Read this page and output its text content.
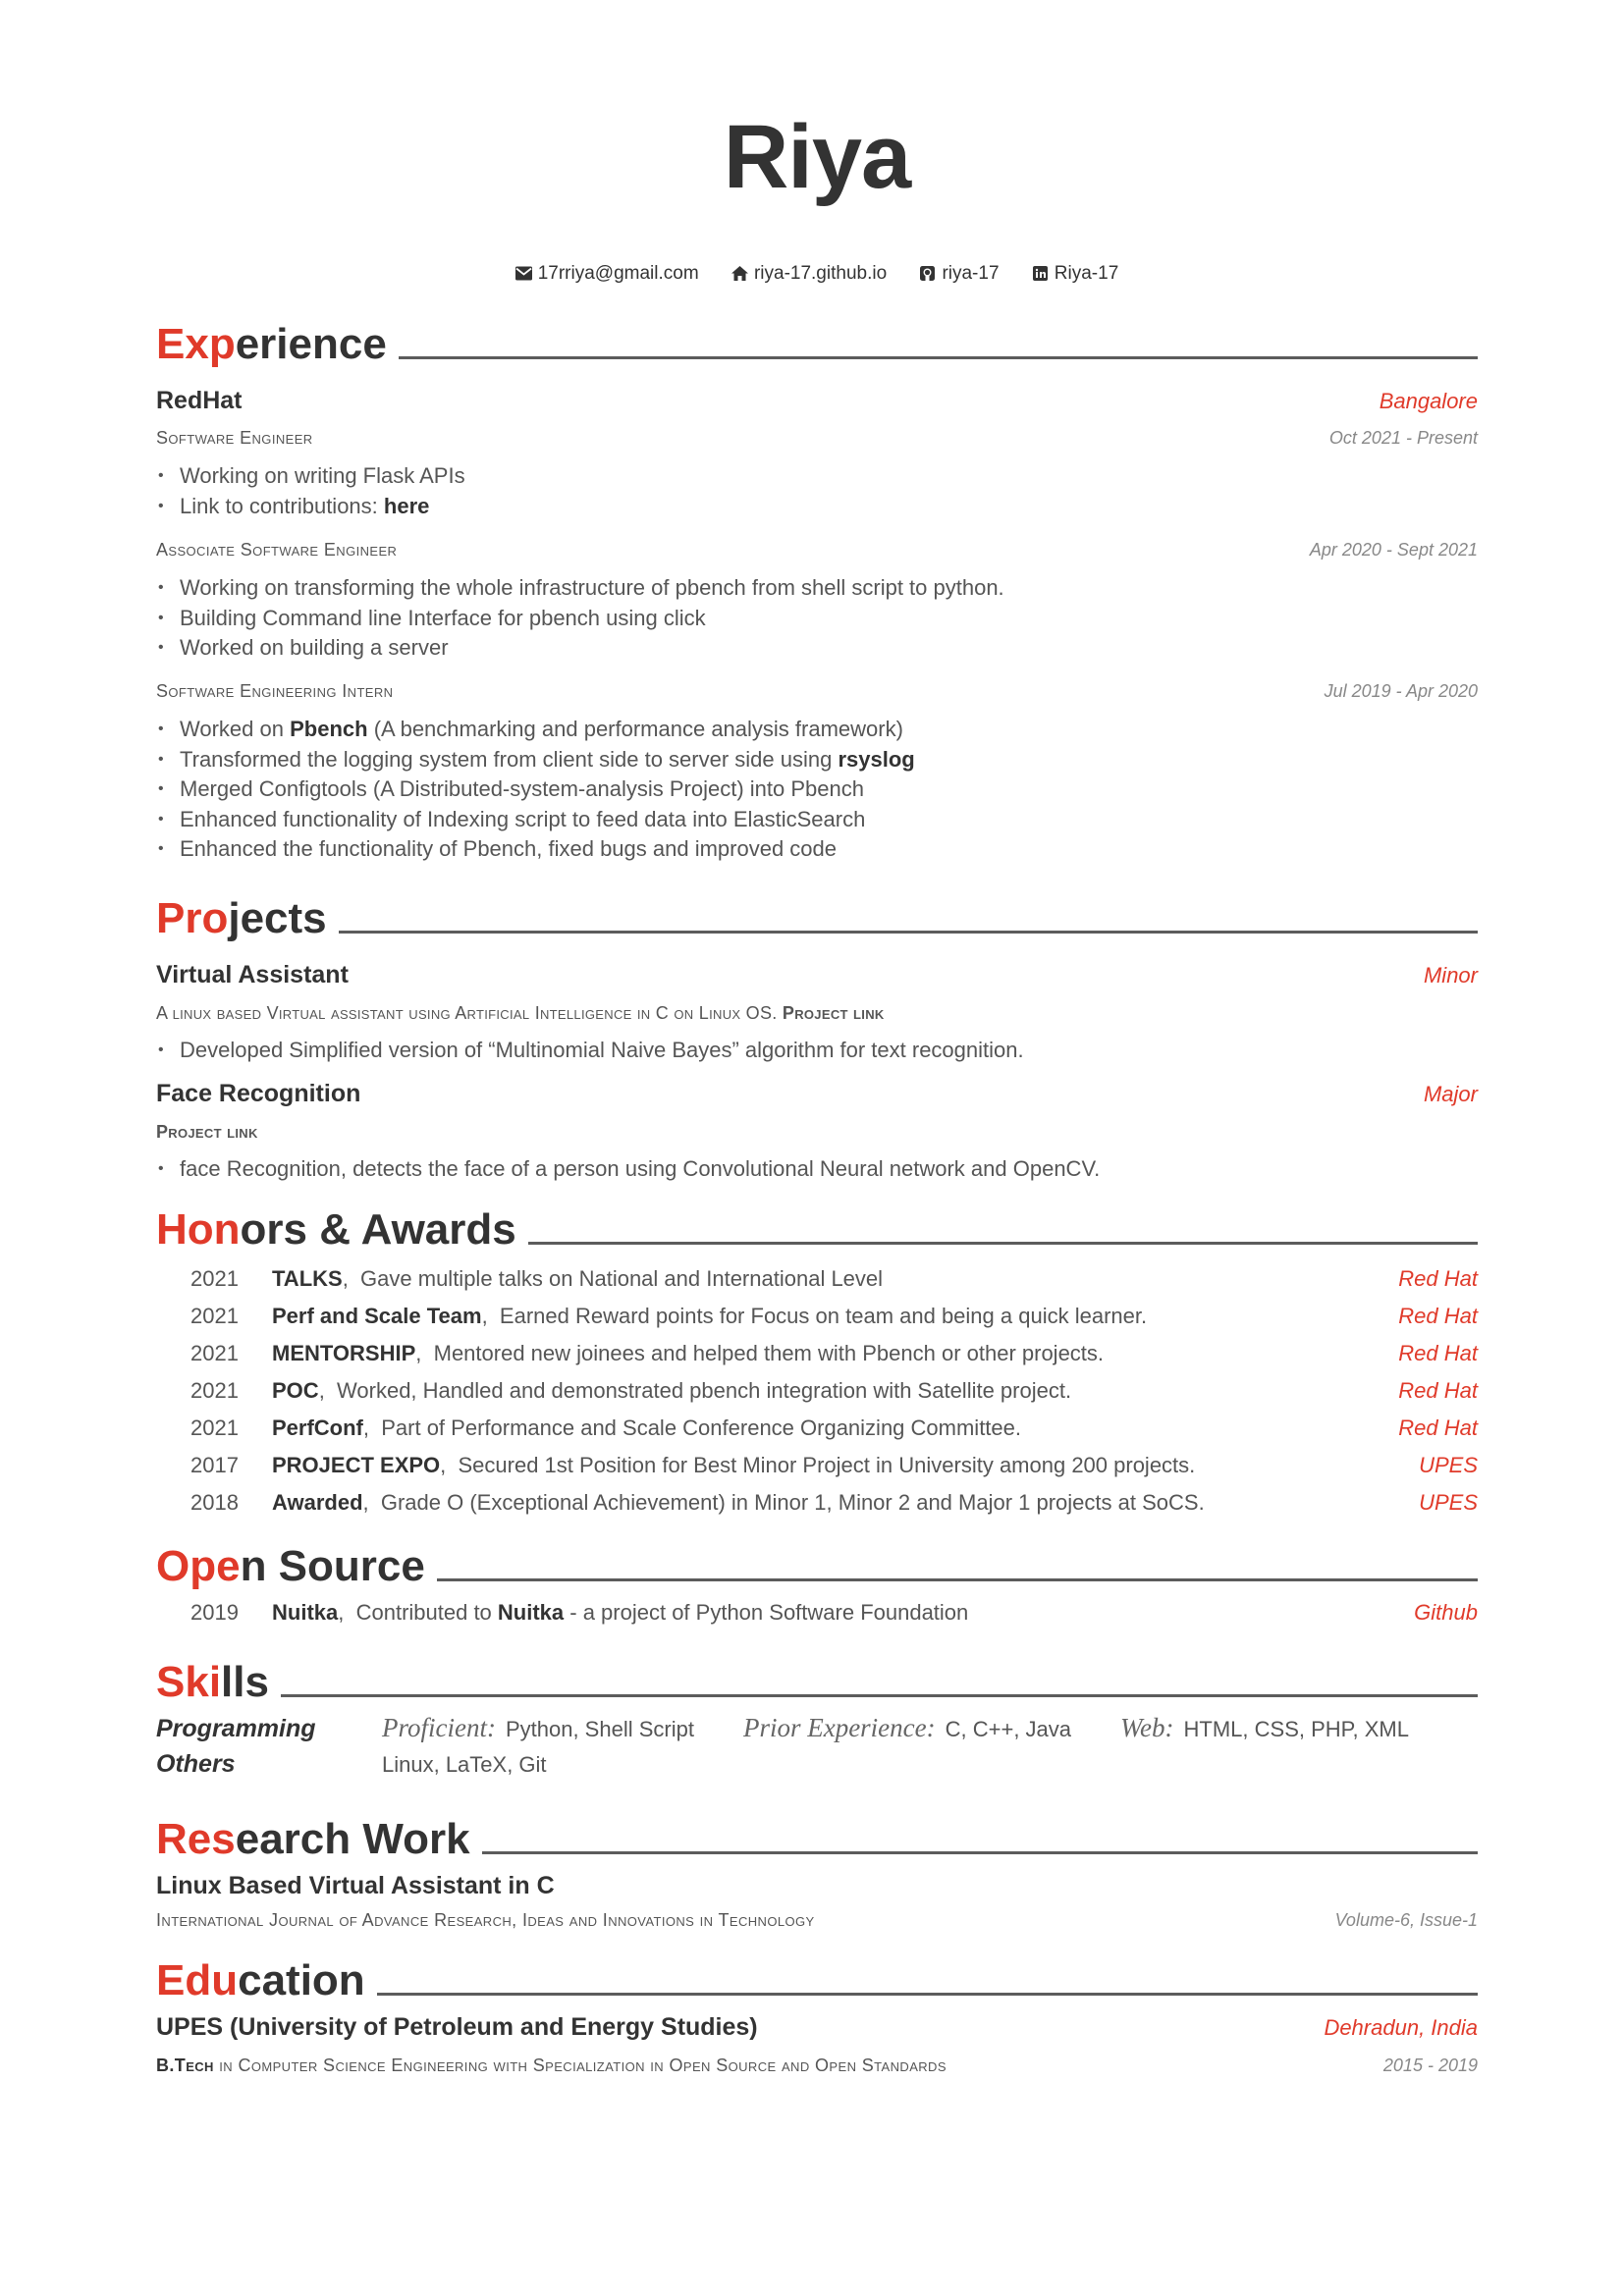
Riya
17rriya@gmail.com	riya-17.github.io	riya-17	Riya-17
Exp erience
RedHat	Bangalore
Software Engineer	Oct 2021 - Present
• Working on writing Flask APIs
• Link to contributions: here
Associate Software Engineer	Apr 2020 - Sept 2021
• Working on transforming the whole infrastructure of pbench from shell script to python.
• Building Command line Interface for pbench using click
• Worked on building a server
Software Engineering Intern	Jul 2019 - Apr 2020
• Worked on Pbench (A benchmarking and performance analysis framework)
• Transformed the logging system from client side to server side using rsyslog
• Merged Configtools (A Distributed-system-analysis Project) into Pbench
• Enhanced functionality of Indexing script to feed data into ElasticSearch
• Enhanced the functionality of Pbench, fixed bugs and improved code
Pro jects
Virtual Assistant	Minor
A linux based Virtual assistant using Artificial Intelligence in C on Linux OS. Project link
• Developed Simplified version of “Multinomial Naive Bayes” algorithm for text recognition.
Face Recognition	Major
Project link
• face Recognition, detects the face of a person using Convolutional Neural network and OpenCV.
Hon ors & Awards
2021 TALKS,  Gave multiple talks on National and International Level	Red Hat
2021 Perf and Scale Team,  Earned Reward points for Focus on team and being a quick learner.	Red Hat
2021 MENTORSHIP,  Mentored new joinees and helped them with Pbench or other projects.	Red Hat
2021 POC,  Worked, Handled and demonstrated pbench integration with Satellite project.	Red Hat
2021 PerfConf,  Part of Performance and Scale Conference Organizing Committee.	Red Hat
2017 PROJECT EXPO,  Secured 1st Position for Best Minor Project in University among 200 projects.	UPES
2018 Awarded,  Grade O (Exceptional Achievement) in Minor 1, Minor 2 and Major 1 projects at SoCS.	UPES
Ope n Source
2019 Nuitka,  Contributed to Nuitka - a project of Python Software Foundation	Github
Ski lls
Programming	Proficient: Python, Shell Script Prior Experience: C, C++, Java Web: HTML, CSS, PHP, XML
Others	Linux, LaTeX, Git
Res earch Work
Linux Based Virtual Assistant in C
International Journal of Advance Research, Ideas and Innovations in Technology	Volume-6, Issue-1
Edu cation
UPES (University of Petroleum and Energy Studies)	Dehradun, India
B.Tech in Computer Science Engineering with Specialization in Open Source and Open Standards	2015 - 2019
